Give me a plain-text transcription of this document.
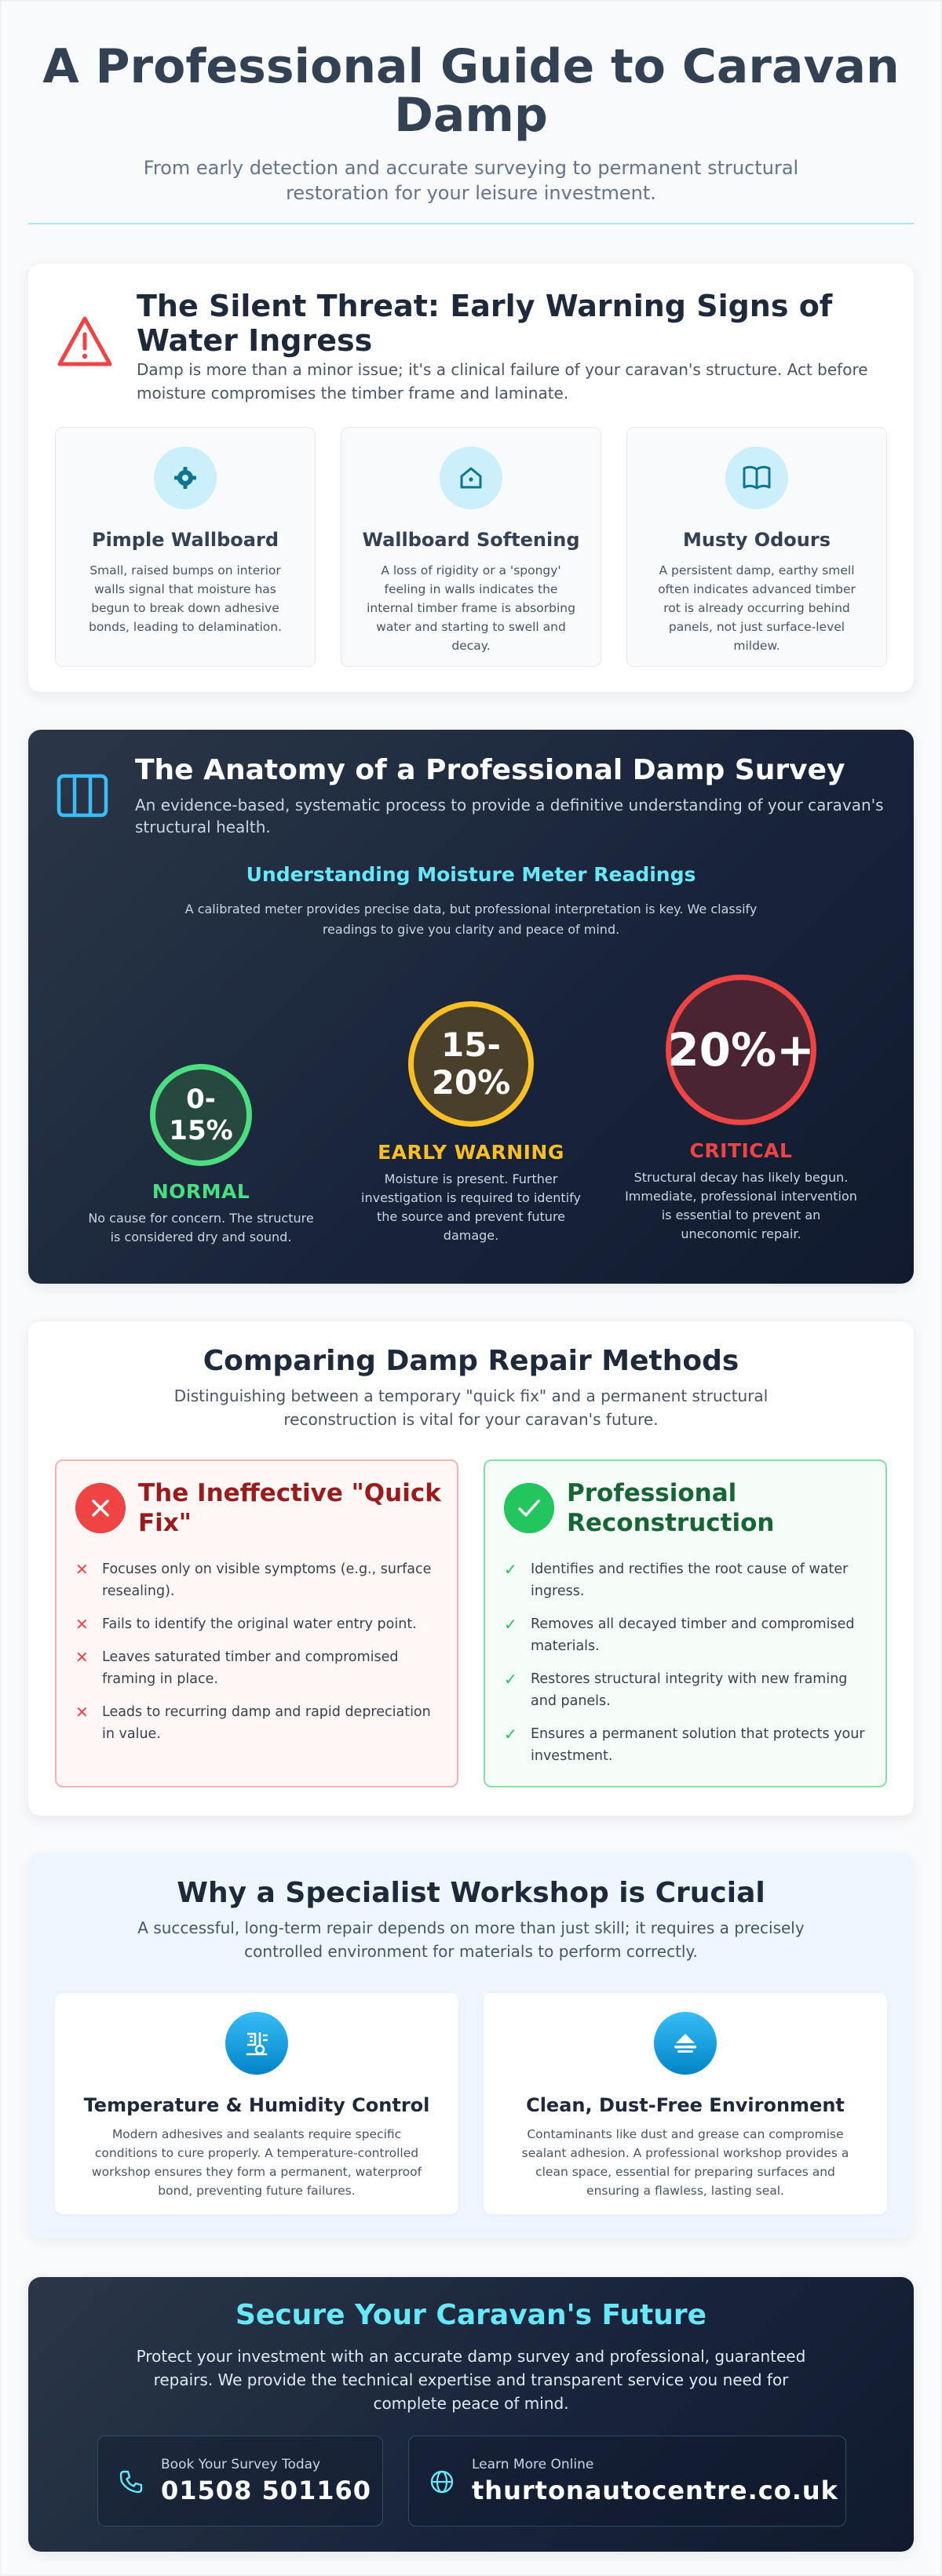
A Professional Guide to Caravan Damp

From early detection and accurate surveying to permanent structural restoration for your leisure investment.

The Silent Threat: Early Warning Signs of Water Ingress

Damp is more than a minor issue; it's a clinical failure of your caravan's structure. Act before moisture compromises the timber frame and laminate.

Pimple Wallboard

Small, raised bumps on interior walls signal that moisture has begun to break down adhesive bonds, leading to delamination.

Wallboard Softening

A loss of rigidity or a 'spongy' feeling in walls indicates the internal timber frame is absorbing water and starting to swell and decay.

Musty Odours

A persistent damp, earthy smell often indicates advanced timber rot is already occurring behind panels, not just surface-level mildew.

The Anatomy of a Professional Damp Survey

An evidence-based, systematic process to provide a definitive understanding of your caravan's structural health.

Understanding Moisture Meter Readings

A calibrated meter provides precise data, but professional interpretation is key. We classify readings to give you clarity and peace of mind.

0-15%
NORMAL
No cause for concern. The structure is considered dry and sound.
15-20%
EARLY WARNING
Moisture is present. Further investigation is required to identify the source and prevent future damage.
20%+
CRITICAL
Structural decay has likely begun. Immediate, professional intervention is essential to prevent an uneconomic repair.
Comparing Damp Repair Methods

Distinguishing between a temporary "quick fix" and a permanent structural reconstruction is vital for your caravan's future.

The Ineffective "Quick Fix"
✕ Focuses only on visible symptoms (e.g., surface resealing).
✕ Fails to identify the original water entry point.
✕ Leaves saturated timber and compromised framing in place.
✕ Leads to recurring damp and rapid depreciation in value.
Professional Reconstruction
✓ Identifies and rectifies the root cause of water ingress.
✓ Removes all decayed timber and compromised materials.
✓ Restores structural integrity with new framing and panels.
✓ Ensures a permanent solution that protects your investment.
Why a Specialist Workshop is Crucial

A successful, long-term repair depends on more than just skill; it requires a precisely controlled environment for materials to perform correctly.

Temperature & Humidity Control

Modern adhesives and sealants require specific conditions to cure properly. A temperature-controlled workshop ensures they form a permanent, waterproof bond, preventing future failures.

Clean, Dust-Free Environment

Contaminants like dust and grease can compromise sealant adhesion. A professional workshop provides a clean space, essential for preparing surfaces and ensuring a flawless, lasting seal.

Secure Your Caravan's Future

Protect your investment with an accurate damp survey and professional, guaranteed repairs. We provide the technical expertise and transparent service you need for complete peace of mind.

Book Your Survey Today
01508 501160
Learn More Online
thurtonautocentre.co.uk
